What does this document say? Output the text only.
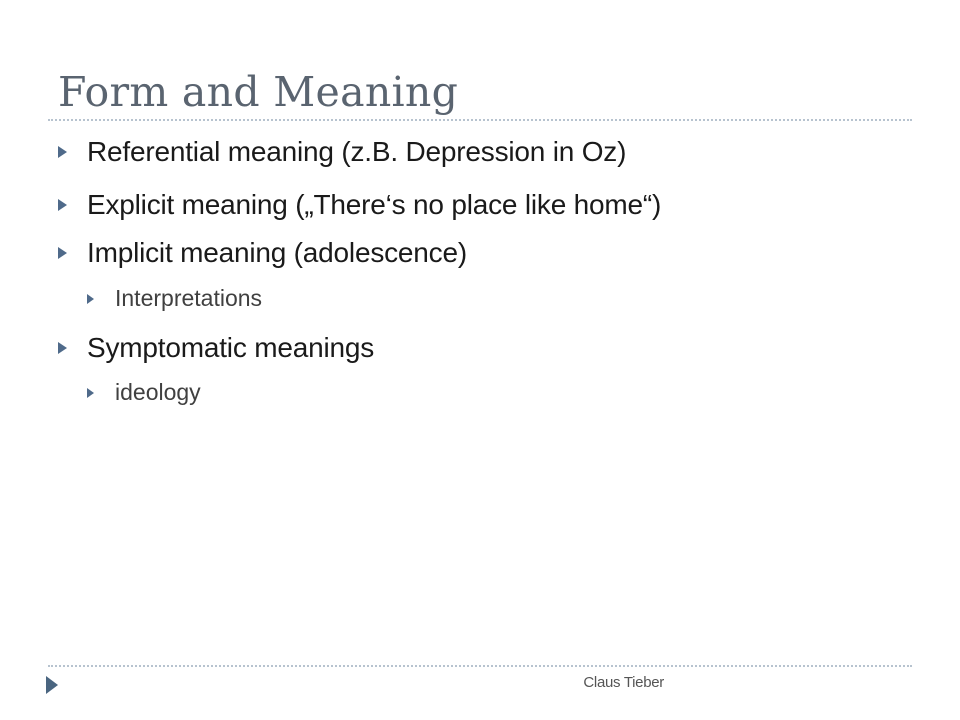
Form and Meaning
Referential meaning (z.B. Depression in Oz)
Explicit meaning („There‘s no place like home“)
Implicit meaning (adolescence)
Interpretations
Symptomatic meanings
ideology
Claus Tieber
